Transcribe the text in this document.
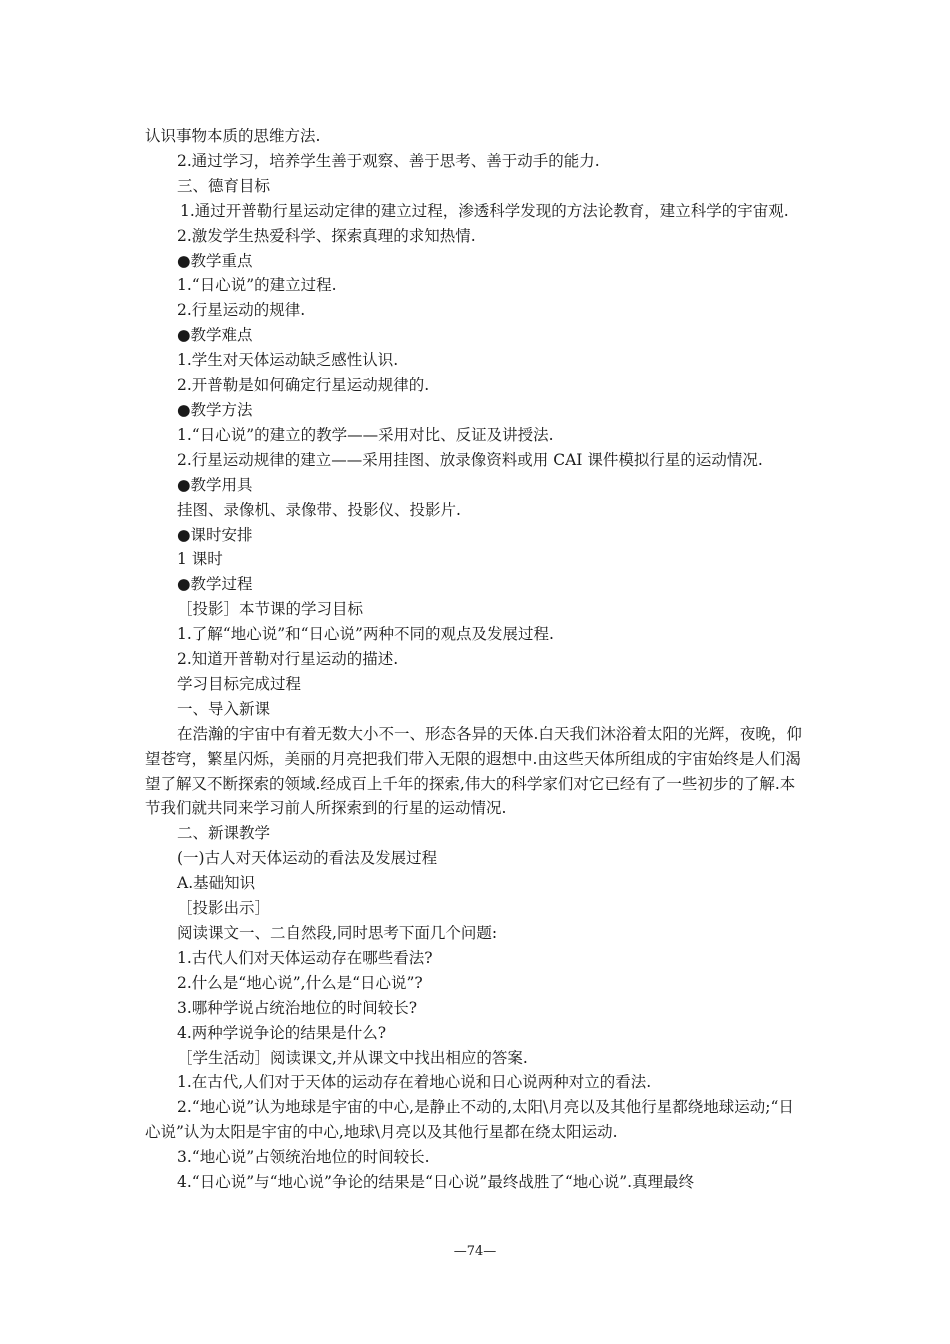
认识事物本质的思维方法.

2.通过学习，培养学生善于观察、善于思考、善于动手的能力.

三、德育目标

1.通过开普勒行星运动定律的建立过程，渗透科学发现的方法论教育，建立科学的宇宙观.

2.激发学生热爱科学、探索真理的求知热情.

●教学重点

1.“日心说”的建立过程.

2.行星运动的规律.

●教学难点

1.学生对天体运动缺乏感性认识.

2.开普勒是如何确定行星运动规律的.

●教学方法

1.“日心说”的建立的教学——采用对比、反证及讲授法.

2.行星运动规律的建立——采用挂图、放录像资料或用 CAI 课件模拟行星的运动情况.

●教学用具

挂图、录像机、录像带、投影仪、投影片.

●课时安排

1 课时

●教学过程

［投影］本节课的学习目标

1.了解“地心说”和“日心说”两种不同的观点及发展过程.

2.知道开普勒对行星运动的描述.

学习目标完成过程

一、导入新课

在浩瀚的宇宙中有着无数大小不一、形态各异的天体.白天我们沐浴着太阳的光辉，夜晚，仰望苍穹，繁星闪烁，美丽的月亮把我们带入无限的遐想中.由这些天体所组成的宇宙始终是人们渴望了解又不断探索的领域.经成百上千年的探索,伟大的科学家们对它已经有了一些初步的了解.本节我们就共同来学习前人所探索到的行星的运动情况.

二、新课教学

(一)古人对天体运动的看法及发展过程

A.基础知识

［投影出示］

阅读课文一、二自然段,同时思考下面几个问题:

1.古代人们对天体运动存在哪些看法?

2.什么是“地心说”,什么是“日心说”?

3.哪种学说占统治地位的时间较长?

4.两种学说争论的结果是什么?

［学生活动］阅读课文,并从课文中找出相应的答案.

1.在古代,人们对于天体的运动存在着地心说和日心说两种对立的看法.

2.“地心说”认为地球是宇宙的中心,是静止不动的,太阳\月亮以及其他行星都绕地球运动;“日心说”认为太阳是宇宙的中心,地球\月亮以及其他行星都在绕太阳运动.

3.“地心说”占领统治地位的时间较长.

4.“日心说”与“地心说”争论的结果是“日心说”最终战胜了“地心说”.真理最终

—74—
